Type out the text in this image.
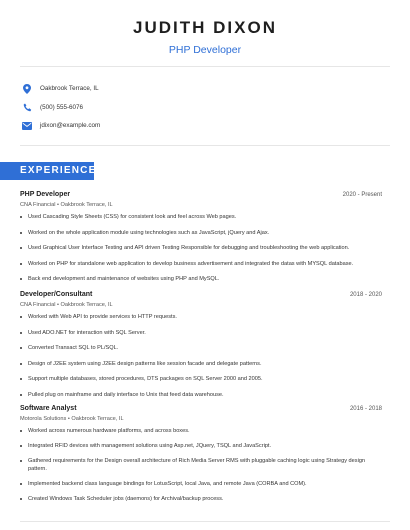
JUDITH DIXON
PHP Developer
Oakbrook Terrace, IL
(500) 555-6076
jdixon@example.com
EXPERIENCE
PHP Developer	2020 - Present
CNA Financial • Oakbrook Terrace, IL
Used Cascading Style Sheets (CSS) for consistent look and feel across Web pages.
Worked on the whole application module using technologies such as JavaScript, jQuery and Ajax.
Used Graphical User Interface Testing and API driven Testing Responsible for debugging and troubleshooting the web application.
Worked on PHP for standalone web application to develop business advertisement and integrated the datas with MYSQL database.
Back end development and maintenance of websites using PHP and MySQL.
Developer/Consultant	2018 - 2020
CNA Financial • Oakbrook Terrace, IL
Worked with Web API to provide services to HTTP requests.
Used ADO.NET for interaction with SQL Server.
Converted Transact SQL to PL/SQL.
Design of J2EE system using J2EE design patterns like session facade and delegate patterns.
Support multiple databases, stored procedures, DTS packages on SQL Server 2000 and 2005.
Pulled plug on mainframe and daily interface to Unix that feed data warehouse.
Software Analyst	2016 - 2018
Motorola Solutions • Oakbrook Terrace, IL
Worked across numerous hardware platforms, and across boxes.
Integrated RFID devices with management solutions using Asp.net, JQuery, TSQL and JavaScript.
Gathered requirements for the Design overall architecture of Rich Media Server RMS with pluggable caching logic using Strategy design pattern.
Implemented backend class language bindings for LotusScript, local Java, and remote Java (CORBA and COM).
Created Windows Task Scheduler jobs (daemons) for Archival/backup process.
